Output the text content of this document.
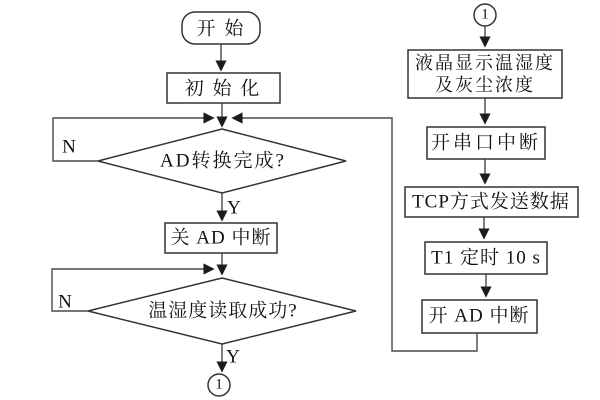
开 始
初 始 化
AD转换完成?
N
Y
关 AD 中断
温湿度读取成功?
N
Y
1
1
液晶显示温湿度
及灰尘浓度
开串口中断
TCP方式发送数据
T1 定时 10 s
开 AD 中断
